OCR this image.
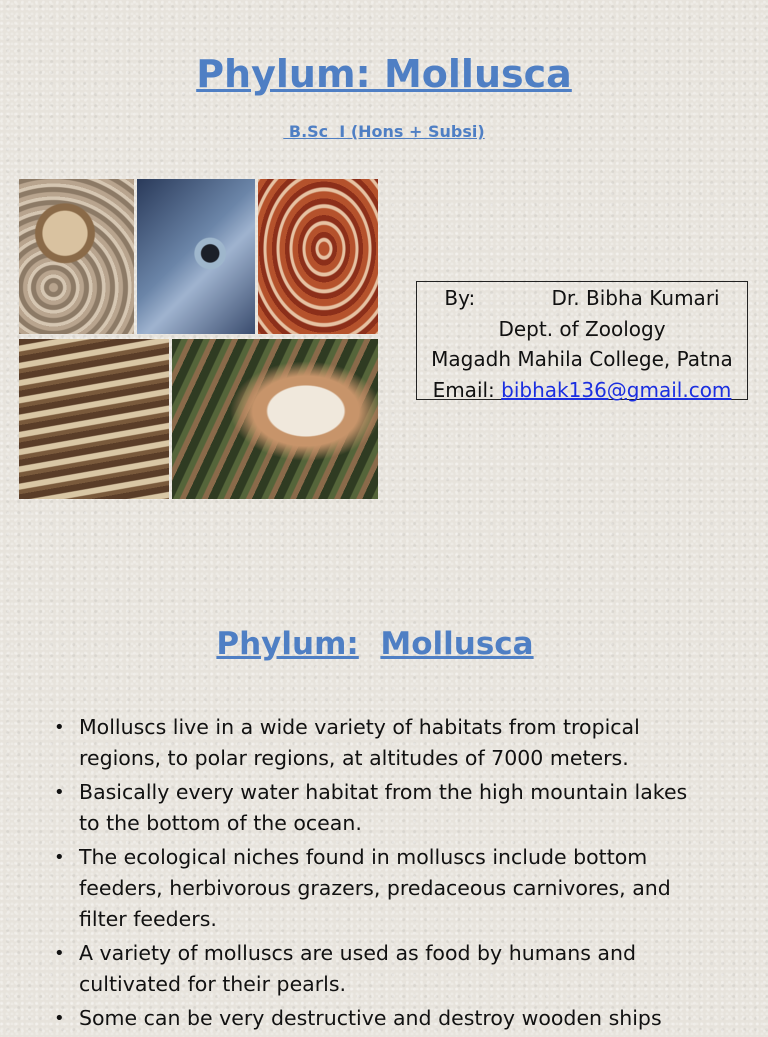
Phylum: Mollusca
B.Sc  I (Hons + Subsi)
By:            Dr. Bibha Kumari
Dept. of Zoology
Magadh Mahila College, Patna
Email: bibhak136@gmail.com
Phylum: Mollusca
• Molluscs live in a wide variety of habitats from tropical
regions, to polar regions, at altitudes of 7000 meters.
• Basically every water habitat from the high mountain lakes
to the bottom of the ocean.
• The ecological niches found in molluscs include bottom
feeders, herbivorous grazers, predaceous carnivores, and
filter feeders.
• A variety of molluscs are used as food by humans and
cultivated for their pearls.
• Some can be very destructive and destroy wooden ships
